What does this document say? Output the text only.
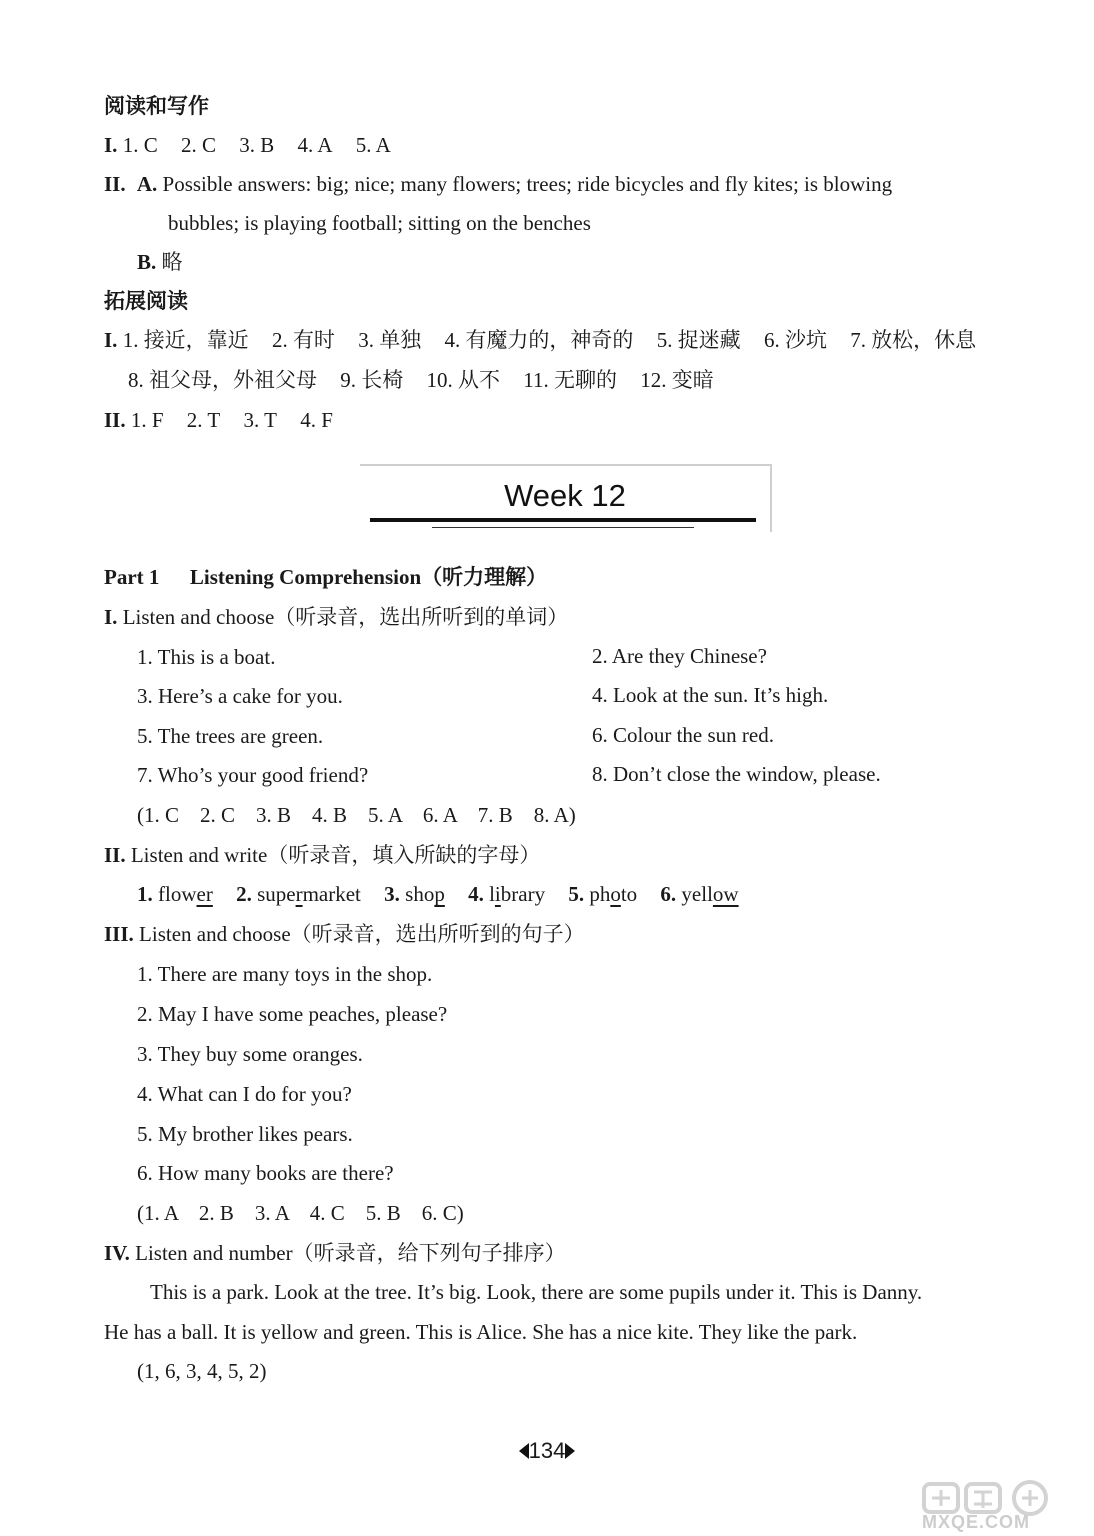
阅读和写作
I. 1. C 2. C 3. B 4. A 5. A
II. A. Possible answers: big; nice; many flowers; trees; ride bicycles and fly kites; is blowing
bubbles; is playing football; sitting on the benches
B. 略
拓展阅读
I. 1. 接近，靠近 2. 有时 3. 单独 4. 有魔力的，神奇的 5. 捉迷藏 6. 沙坑 7. 放松，休息
8. 祖父母，外祖父母 9. 长椅 10. 从不 11. 无聊的 12. 变暗
II. 1. F 2. T 3. T 4. F
Week 12
Part 1 Listening Comprehension（听力理解）
I. Listen and choose（听录音，选出所听到的单词）
1. This is a boat.	2. Are they Chinese?
3. Here’s a cake for you.	4. Look at the sun. It’s high.
5. The trees are green.	6. Colour the sun red.
7. Who’s your good friend?	8. Don’t close the window, please.
(1. C    2. C    3. B    4. B    5. A    6. A    7. B    8. A)
II. Listen and write（听录音，填入所缺的字母）
1. flower 2. supermarket 3. shop 4. library 5. photo 6. yellow
III. Listen and choose（听录音，选出所听到的句子）
1. There are many toys in the shop.
2. May I have some peaches, please?
3. They buy some oranges.
4. What can I do for you?
5. My brother likes pears.
6. How many books are there?
(1. A    2. B    3. A    4. C    5. B    6. C)
IV. Listen and number（听录音，给下列句子排序）
This is a park. Look at the tree. It’s big. Look, there are some pupils under it. This is Danny.
He has a ball. It is yellow and green. This is Alice. She has a nice kite. They like the park.
(1, 6, 3, 4, 5, 2)
134
MXQE.COM
